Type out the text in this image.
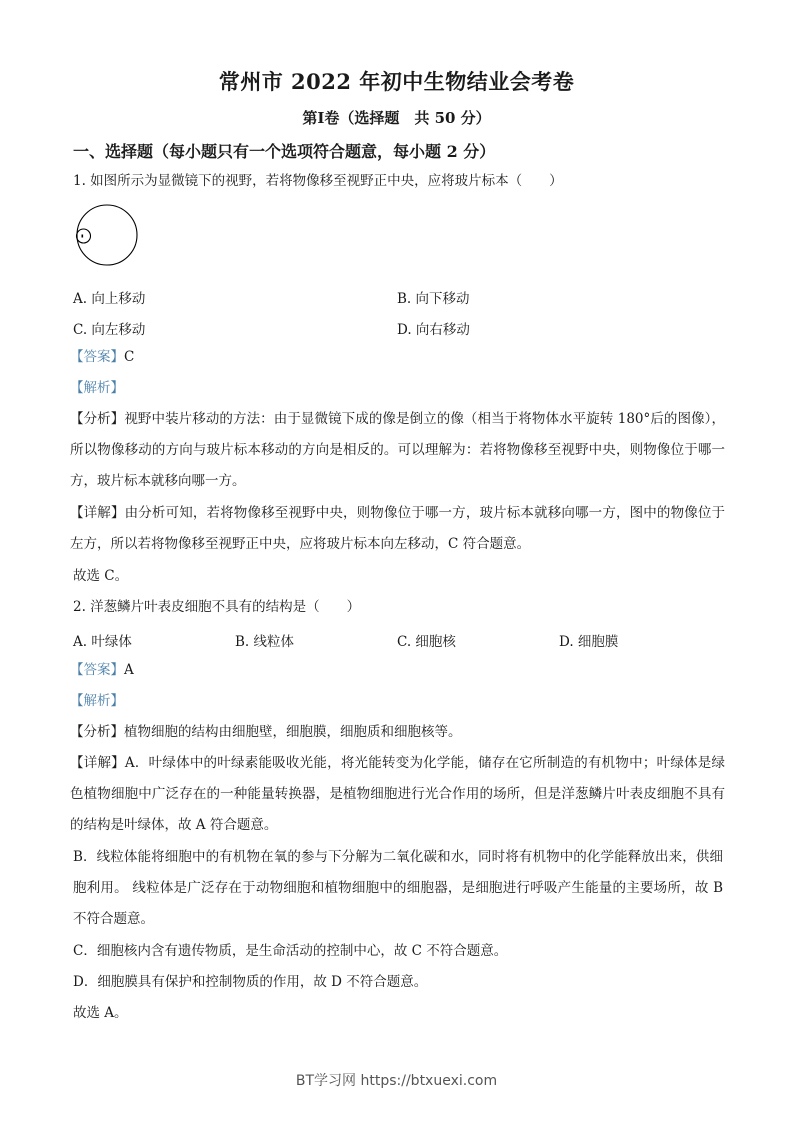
常州市 2022 年初中生物结业会考卷
第Ⅰ卷（选择题　共 50 分）
一、选择题（每小题只有一个选项符合题意，每小题 2 分）
1. 如图所示为显微镜下的视野，若将物像移至视野正中央，应将玻片标本（　　）
A. 向上移动	B. 向下移动
C. 向左移动	D. 向右移动
【答案】C
【解析】
【分析】视野中装片移动的方法：由于显微镜下成的像是倒立的像（相当于将物体水平旋转 180°后的图像），所以物像移动的方向与玻片标本移动的方向是相反的。可以理解为：若将物像移至视野中央，则物像位于哪一方，玻片标本就移向哪一方。
【详解】由分析可知，若将物像移至视野中央，则物像位于哪一方，玻片标本就移向哪一方，图中的物像位于左方，所以若将物像移至视野正中央，应将玻片标本向左移动，C 符合题意。
故选 C。
2. 洋葱鳞片叶表皮细胞不具有的结构是（　　）
A. 叶绿体	B. 线粒体	C. 细胞核	D. 细胞膜
【答案】A
【解析】
【分析】植物细胞的结构由细胞壁，细胞膜，细胞质和细胞核等。
【详解】A．叶绿体中的叶绿素能吸收光能，将光能转变为化学能，储存在它所制造的有机物中；叶绿体是绿色植物细胞中广泛存在的一种能量转换器，是植物细胞进行光合作用的场所，但是洋葱鳞片叶表皮细胞不具有的结构是叶绿体，故 A 符合题意。
B．线粒体能将细胞中的有机物在氧的参与下分解为二氧化碳和水，同时将有机物中的化学能释放出来，供细胞利用。 线粒体是广泛存在于动物细胞和植物细胞中的细胞器，是细胞进行呼吸产生能量的主要场所，故 B 不符合题意。
C．细胞核内含有遗传物质，是生命活动的控制中心，故 C 不符合题意。
D．细胞膜具有保护和控制物质的作用，故 D 不符合题意。
故选 A。
BT学习网 https://btxuexi.com
